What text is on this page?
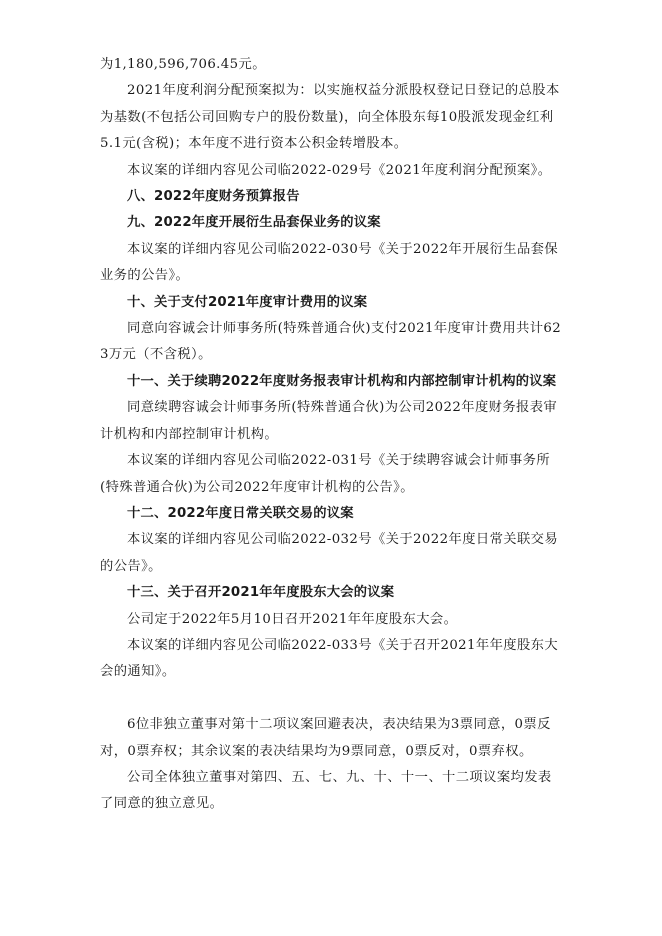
为1,180,596,706.45元。

2021年度利润分配预案拟为：以实施权益分派股权登记日登记的总股本为基数(不包括公司回购专户的股份数量)，向全体股东每10股派发现金红利5.1元(含税)；本年度不进行资本公积金转增股本。

本议案的详细内容见公司临2022-029号《2021年度利润分配预案》。

八、2022年度财务预算报告

九、2022年度开展衍生品套保业务的议案

本议案的详细内容见公司临2022-030号《关于2022年开展衍生品套保业务的公告》。

十、关于支付2021年度审计费用的议案

同意向容诚会计师事务所(特殊普通合伙)支付2021年度审计费用共计623万元（不含税）。

十一、关于续聘2022年度财务报表审计机构和内部控制审计机构的议案

同意续聘容诚会计师事务所(特殊普通合伙)为公司2022年度财务报表审计机构和内部控制审计机构。

本议案的详细内容见公司临2022-031号《关于续聘容诚会计师事务所(特殊普通合伙)为公司2022年度审计机构的公告》。

十二、2022年度日常关联交易的议案

本议案的详细内容见公司临2022-032号《关于2022年度日常关联交易的公告》。

十三、关于召开2021年年度股东大会的议案

公司定于2022年5月10日召开2021年年度股东大会。

本议案的详细内容见公司临2022-033号《关于召开2021年年度股东大会的通知》。

6位非独立董事对第十二项议案回避表决，表决结果为3票同意，0票反对，0票弃权；其余议案的表决结果均为9票同意，0票反对，0票弃权。

公司全体独立董事对第四、五、七、九、十、十一、十二项议案均发表了同意的独立意见。
